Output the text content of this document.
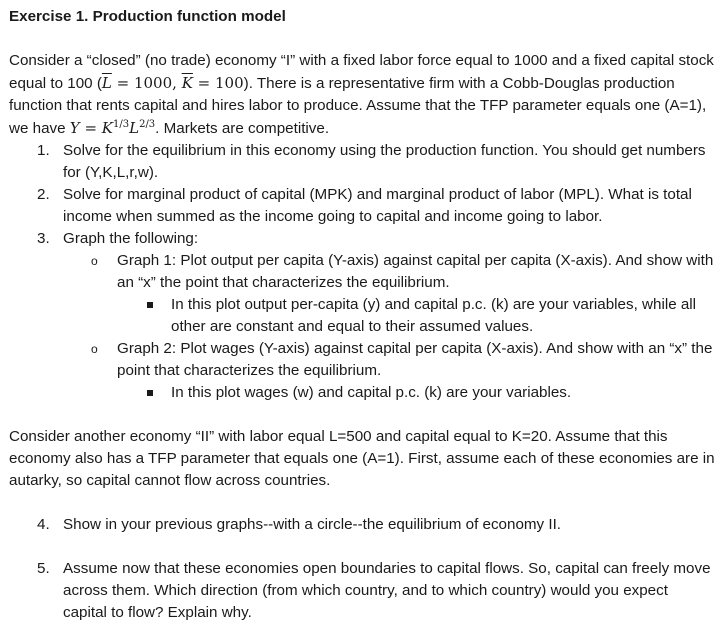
Exercise 1. Production function model

Consider a “closed” (no trade) economy “I” with a fixed labor force equal to 1000 and a fixed capital stock equal to 100 ($\overline{L} = 1000$, $\overline{K} = 100$). There is a representative firm with a Cobb-Douglas production function that rents capital and hires labor to produce. Assume that the TFP parameter equals one (A=1), we have $Y = K^{1/3}L^{2/3}$. Markets are competitive.

1. Solve for the equilibrium in this economy using the production function. You should get numbers for (Y,K,L,r,w).
2. Solve for marginal product of capital (MPK) and marginal product of labor (MPL). What is total income when summed as the income going to capital and income going to labor.
3. Graph the following:
o Graph 1: Plot output per capita (Y-axis) against capital per capita (X-axis). And show with an “x” the point that characterizes the equilibrium.
In this plot output per-capita (y) and capital p.c. (k) are your variables, while all other are constant and equal to their assumed values.
o Graph 2: Plot wages (Y-axis) against capital per capita (X-axis). And show with an “x” the point that characterizes the equilibrium.
In this plot wages (w) and capital p.c. (k) are your variables.

Consider another economy “II” with labor equal L=500 and capital equal to K=20. Assume that this economy also has a TFP parameter that equals one (A=1). First, assume each of these economies are in autarky, so capital cannot flow across countries.

4. Show in your previous graphs--with a circle--the equilibrium of economy II.
5. Assume now that these economies open boundaries to capital flows. So, capital can freely move across them. Which direction (from which country, and to which country) would you expect capital to flow? Explain why.
